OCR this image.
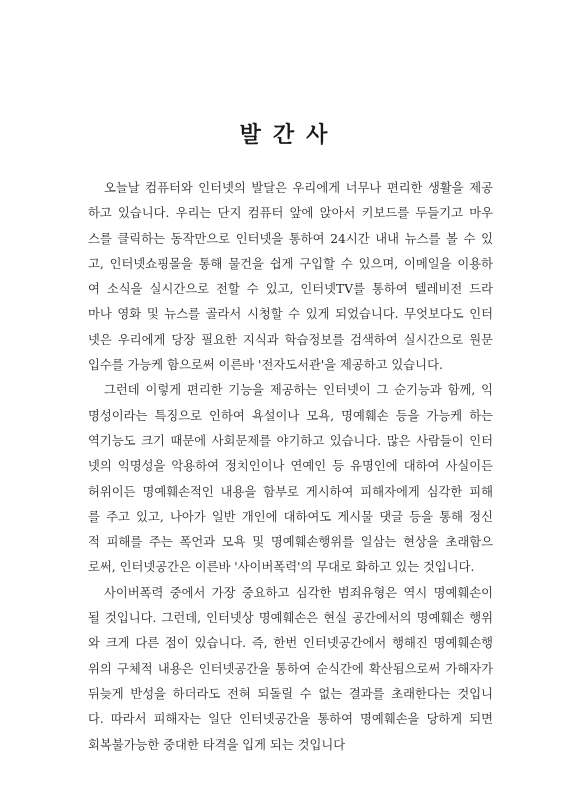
발간사
오늘날 컴퓨터와 인터넷의 발달은 우리에게 너무나 편리한 생활을 제공
하고 있습니다. 우리는 단지 컴퓨터 앞에 앉아서 키보드를 두들기고 마우
스를 클릭하는 동작만으로 인터넷을 통하여 24시간 내내 뉴스를 볼 수 있
고, 인터넷쇼핑몰을 통해 물건을 쉽게 구입할 수 있으며, 이메일을 이용하
여 소식을 실시간으로 전할 수 있고, 인터넷TV를 통하여 텔레비전 드라
마나 영화 및 뉴스를 골라서 시청할 수 있게 되었습니다. 무엇보다도 인터
넷은 우리에게 당장 필요한 지식과 학습정보를 검색하여 실시간으로 원문
입수를 가능케 함으로써 이른바 '전자도서관'을 제공하고 있습니다.
그런데 이렇게 편리한 기능을 제공하는 인터넷이 그 순기능과 함께, 익
명성이라는 특징으로 인하여 욕설이나 모욕, 명예훼손 등을 가능케 하는
역기능도 크기 때문에 사회문제를 야기하고 있습니다. 많은 사람들이 인터
넷의 익명성을 악용하여 정치인이나 연예인 등 유명인에 대하여 사실이든
허위이든 명예훼손적인 내용을 함부로 게시하여 피해자에게 심각한 피해
를 주고 있고, 나아가 일반 개인에 대하여도 게시물 댓글 등을 통해 정신
적 피해를 주는 폭언과 모욕 및 명예훼손행위를 일삼는 현상을 초래함으
로써, 인터넷공간은 이른바 '사이버폭력'의 무대로 화하고 있는 것입니다.
사이버폭력 중에서 가장 중요하고 심각한 범죄유형은 역시 명예훼손이
될 것입니다. 그런데, 인터넷상 명예훼손은 현실 공간에서의 명예훼손 행위
와 크게 다른 점이 있습니다. 즉, 한번 인터넷공간에서 행해진 명예훼손행
위의 구체적 내용은 인터넷공간을 통하여 순식간에 확산됨으로써 가해자가
뒤늦게 반성을 하더라도 전혀 되돌릴 수 없는 결과를 초래한다는 것입니
다. 따라서 피해자는 일단 인터넷공간을 통하여 명예훼손을 당하게 되면
회복불가능한 중대한 타격을 입게 되는 것입니다
